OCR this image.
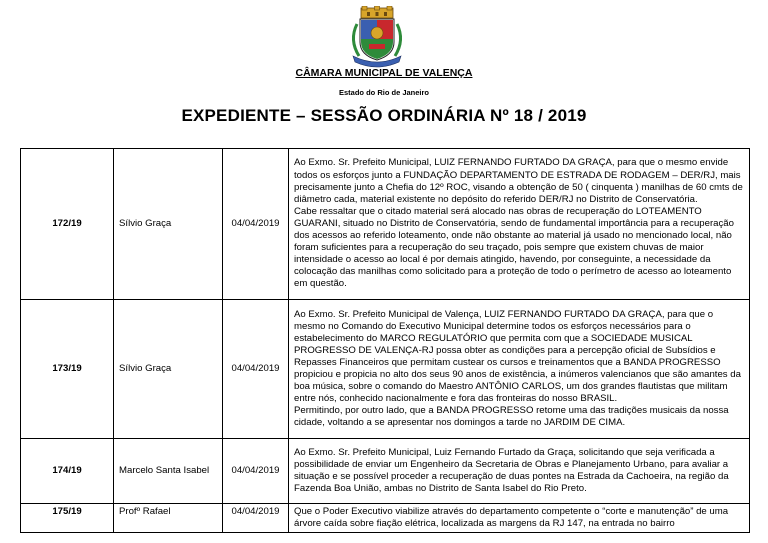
CÂMARA MUNICIPAL DE VALENÇA
Estado do Rio de Janeiro
EXPEDIENTE – SESSÃO ORDINÁRIA Nº 18 / 2019
172/19	Sílvio Graça	04/04/2019	Ao Exmo. Sr. Prefeito Municipal, LUIZ FERNANDO FURTADO DA GRAÇA, para que o mesmo envide todos os esforços junto a FUNDAÇÃO DEPARTAMENTO DE ESTRADA DE RODAGEM – DER/RJ, mais precisamente junto a Chefia do 12º ROC, visando a obtenção de 50 ( cinquenta ) manilhas de 60 cmts de diâmetro cada, material existente no depósito do referido DER/RJ no Distrito de Conservatória.
Cabe ressaltar que o citado material será alocado nas obras de recuperação do LOTEAMENTO GUARANI, situado no Distrito de Conservatória, sendo de fundamental importância para a recuperação dos acessos ao referido loteamento, onde não obstante ao material já usado no mencionado local, não foram suficientes para a recuperação do seu traçado, pois sempre que existem chuvas de maior intensidade o acesso ao local é por demais atingido, havendo, por conseguinte, a necessidade da colocação das manilhas como solicitado para a proteção de todo o perímetro de acesso ao loteamento em questão.

173/19	Sílvio Graça	04/04/2019	Ao Exmo. Sr. Prefeito Municipal de Valença, LUIZ FERNANDO FURTADO DA GRAÇA, para que o mesmo no Comando do Executivo Municipal determine todos os esforços necessários para o estabelecimento do MARCO REGULATÓRIO que permita com que a SOCIEDADE MUSICAL PROGRESSO DE VALENÇA-RJ possa obter as condições para a percepção oficial de Subsídios e Repasses Financeiros que permitam custear os cursos e treinamentos que a BANDA PROGRESSO propiciou e propicia no alto dos seus 90 anos de existência, a inúmeros valencianos que são amantes da boa música, sobre o comando do Maestro ANTÔNIO CARLOS, um dos grandes flautistas que militam entre nós, conhecido nacionalmente e fora das fronteiras do nosso BRASIL.
Permitindo, por outro lado, que a BANDA PROGRESSO retome uma das tradições musicais da nossa cidade, voltando a se apresentar nos domingos a tarde no JARDIM DE CIMA.

174/19	Marcelo Santa Isabel	04/04/2019	Ao Exmo. Sr. Prefeito Municipal, Luiz Fernando Furtado da Graça, solicitando que seja verificada a possibilidade de enviar um Engenheiro da Secretaria de Obras e Planejamento Urbano, para avaliar a situação e se possível proceder a recuperação de duas pontes na Estrada da Cachoeira, na região da Fazenda Boa União, ambas no Distrito de Santa Isabel do Rio Preto.

175/19	Profº Rafael	04/04/2019	Que o Poder Executivo viabilize através do departamento competente o “corte e manutenção” de uma árvore caída sobre fiação elétrica, localizada as margens da RJ 147, na entrada no bairro
